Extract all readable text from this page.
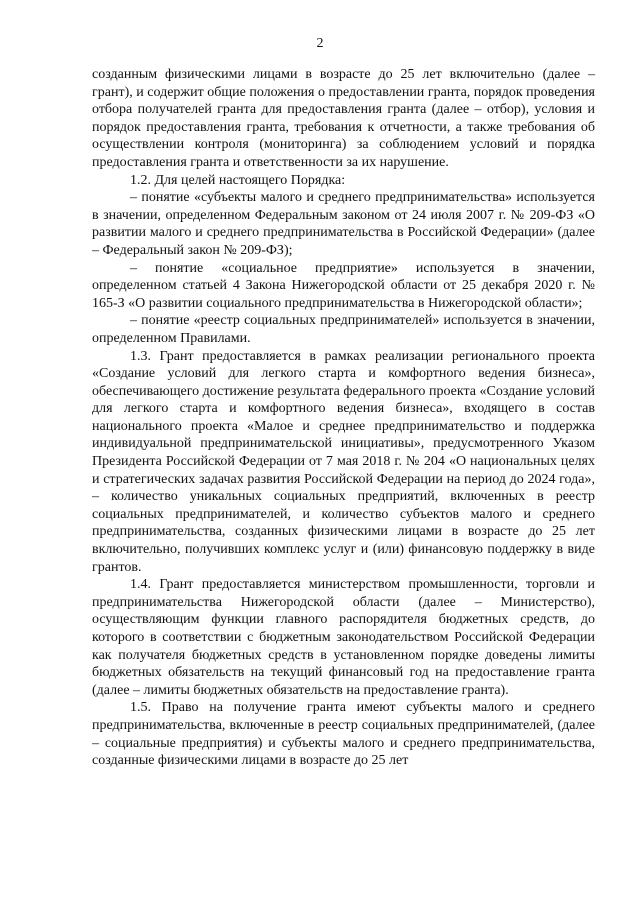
2

созданным физическими лицами в возрасте до 25 лет включительно (далее – грант), и содержит общие положения о предоставлении гранта, порядок проведения отбора получателей гранта для предоставления гранта (далее – отбор), условия и порядок предоставления гранта, требования к отчетности, а также требования об осуществлении контроля (мониторинга) за соблюдением условий и порядка предоставления гранта и ответственности за их нарушение.

1.2. Для целей настоящего Порядка:

– понятие «субъекты малого и среднего предпринимательства» используется в значении, определенном Федеральным законом от 24 июля 2007 г. № 209-ФЗ «О развитии малого и среднего предпринимательства в Российской Федерации» (далее – Федеральный закон № 209-ФЗ);

– понятие «социальное предприятие» используется в значении, определенном статьей 4 Закона Нижегородской области от 25 декабря 2020 г. № 165-З «О развитии социального предпринимательства в Нижегородской области»;

– понятие «реестр социальных предпринимателей» используется в значении, определенном Правилами.

1.3. Грант предоставляется в рамках реализации регионального проекта «Создание условий для легкого старта и комфортного ведения бизнеса», обеспечивающего достижение результата федерального проекта «Создание условий для легкого старта и комфортного ведения бизнеса», входящего в состав национального проекта «Малое и среднее предпринимательство и поддержка индивидуальной предпринимательской инициативы», предусмотренного Указом Президента Российской Федерации от 7 мая 2018 г. № 204 «О национальных целях и стратегических задачах развития Российской Федерации на период до 2024 года», – количество уникальных социальных предприятий, включенных в реестр социальных предпринимателей, и количество субъектов малого и среднего предпринимательства, созданных физическими лицами в возрасте до 25 лет включительно, получивших комплекс услуг и (или) финансовую поддержку в виде грантов.

1.4. Грант предоставляется министерством промышленности, торговли и предпринимательства Нижегородской области (далее – Министерство), осуществляющим функции главного распорядителя бюджетных средств, до которого в соответствии с бюджетным законодательством Российской Федерации как получателя бюджетных средств в установленном порядке доведены лимиты бюджетных обязательств на текущий финансовый год на предоставление гранта (далее – лимиты бюджетных обязательств на предоставление гранта).

1.5. Право на получение гранта имеют субъекты малого и среднего предпринимательства, включенные в реестр социальных предпринимателей, (далее – социальные предприятия) и субъекты малого и среднего предпринимательства, созданные физическими лицами в возрасте до 25 лет
